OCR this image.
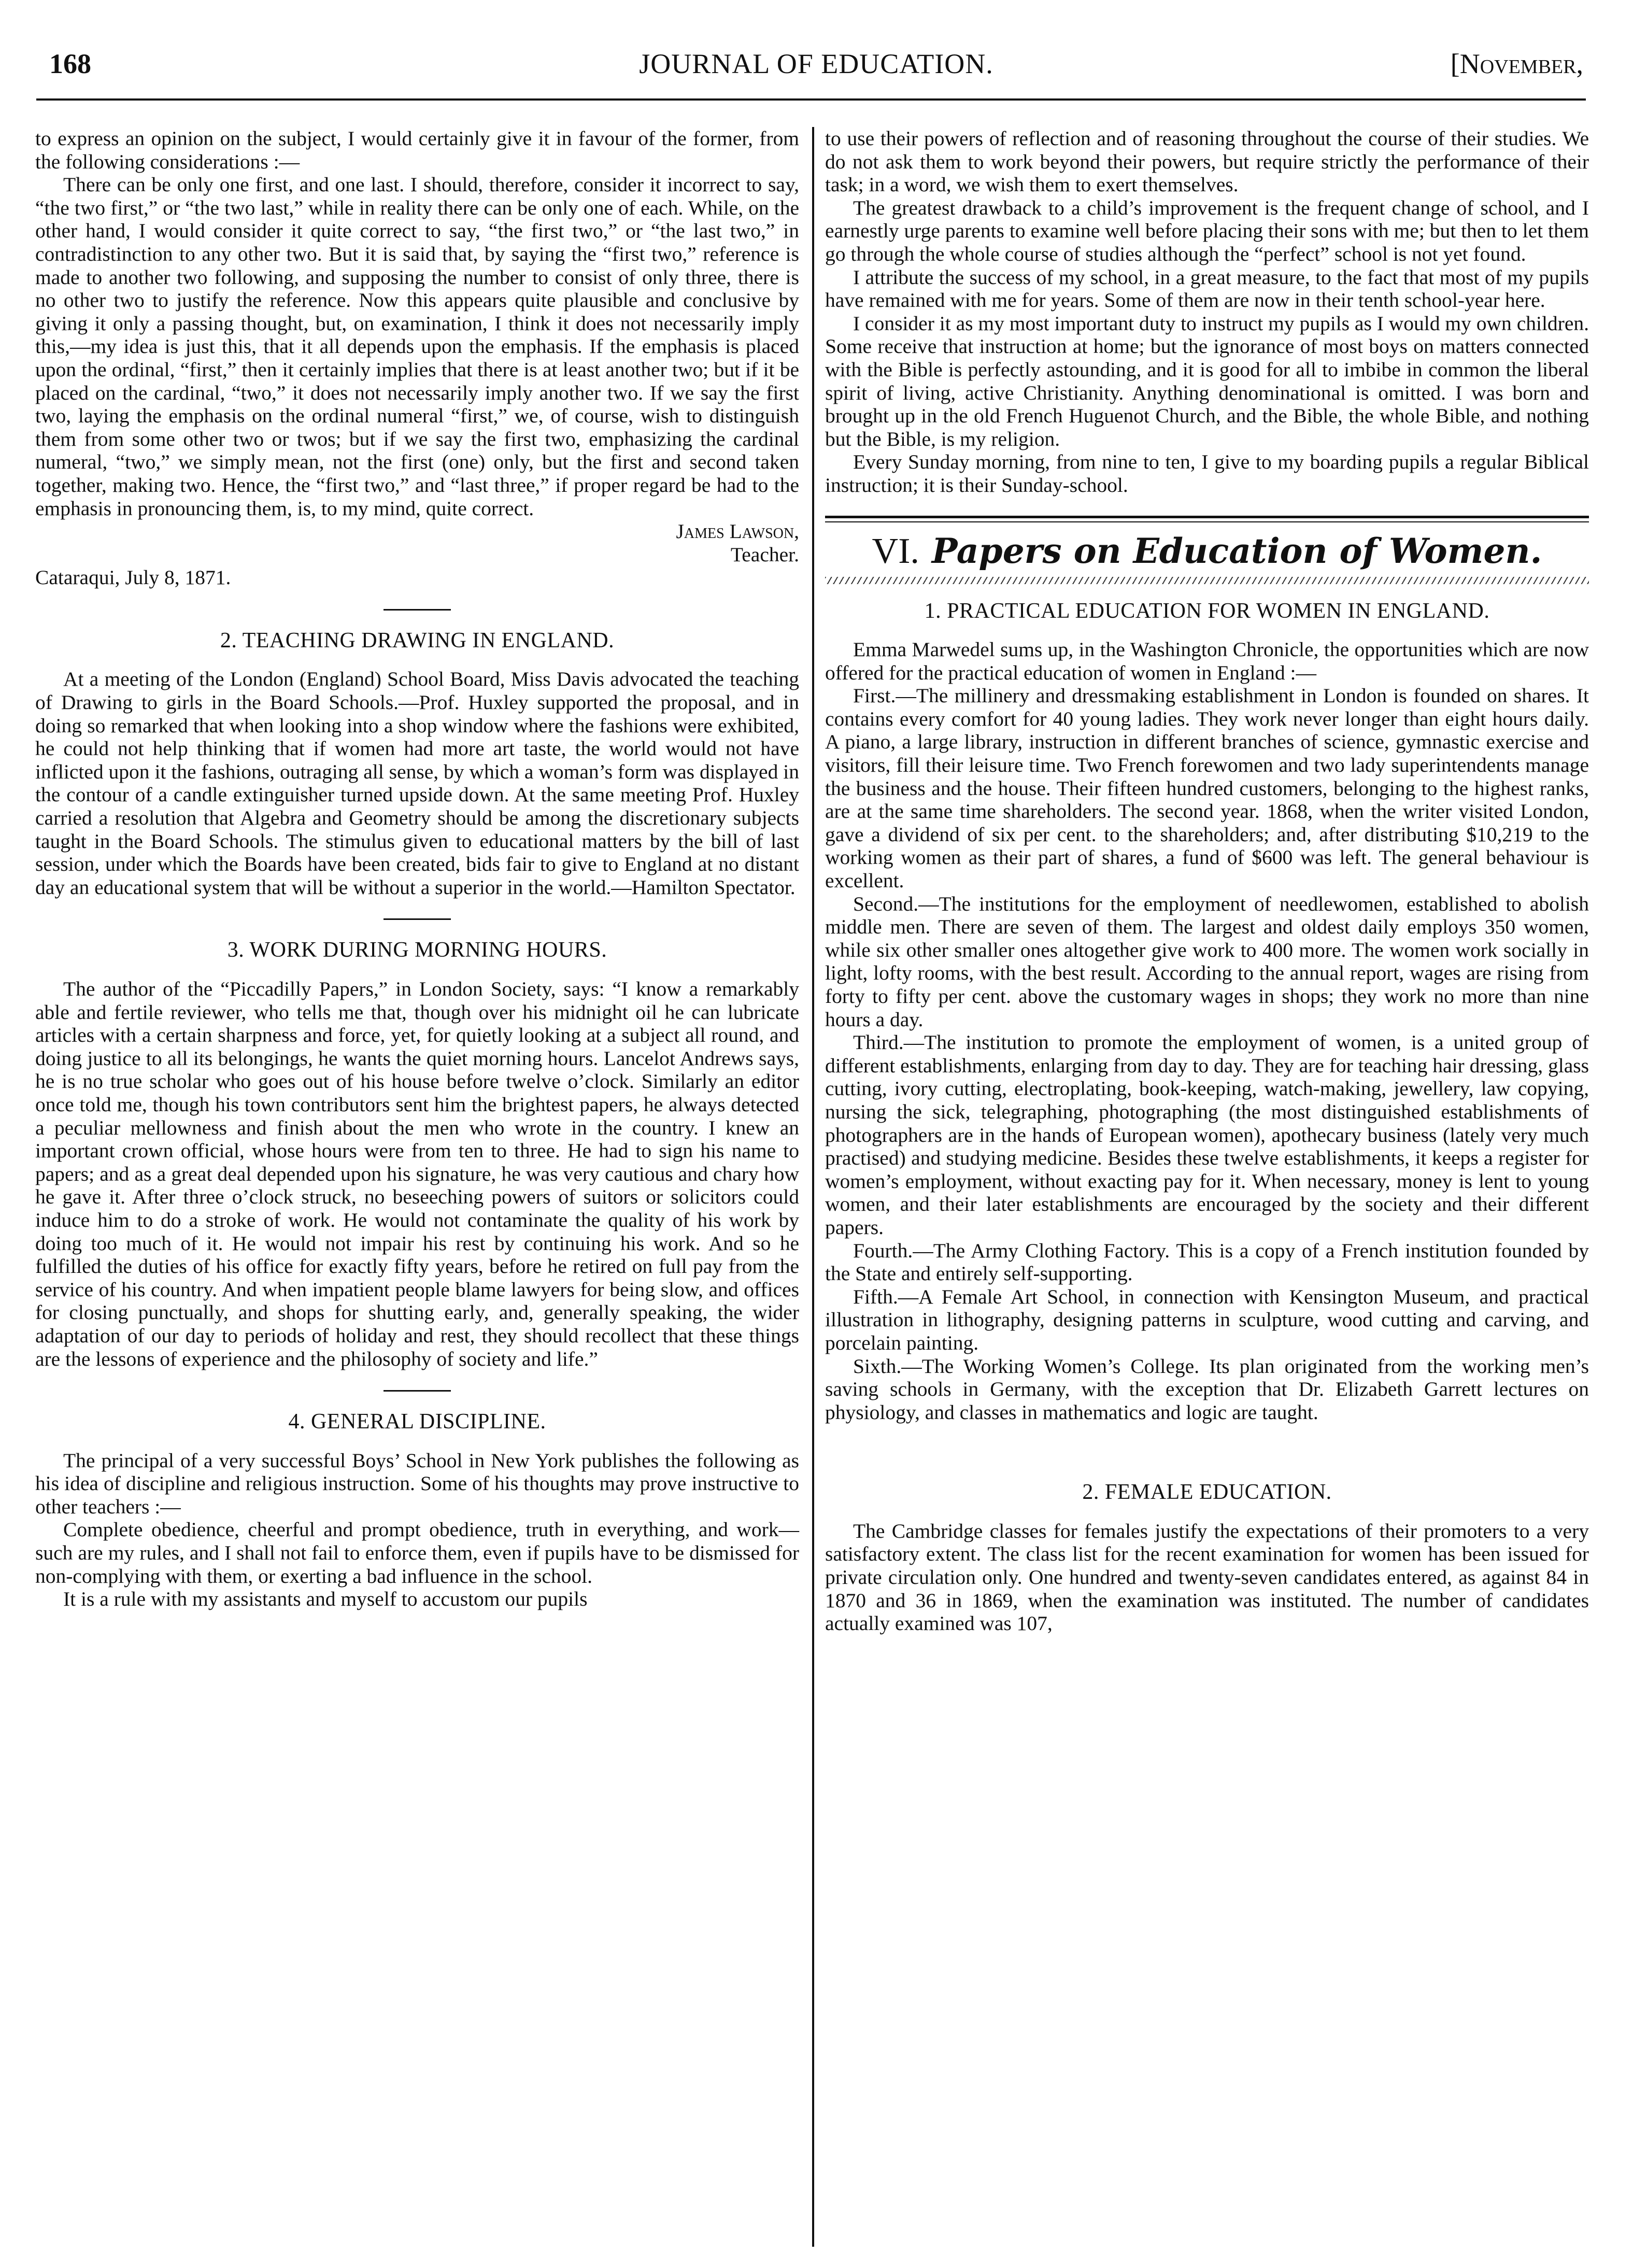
168	JOURNAL OF EDUCATION.	[November,

to express an opinion on the subject, I would certainly give it in favour of the former, from the following considerations :—

There can be only one first, and one last. I should, therefore, consider it incorrect to say, “the two first,” or “the two last,” while in reality there can be only one of each. While, on the other hand, I would consider it quite correct to say, “the first two,” or “the last two,” in contradistinction to any other two. But it is said that, by saying the “first two,” reference is made to another two following, and supposing the number to consist of only three, there is no other two to justify the reference. Now this appears quite plausible and conclusive by giving it only a passing thought, but, on examination, I think it does not necessarily imply this,—my idea is just this, that it all depends upon the emphasis. If the emphasis is placed upon the ordinal, “first,” then it certainly implies that there is at least another two; but if it be placed on the cardinal, “two,” it does not necessarily imply another two. If we say the first two, laying the emphasis on the ordinal numeral “first,” we, of course, wish to distinguish them from some other two or twos; but if we say the first two, emphasizing the cardinal numeral, “two,” we simply mean, not the first (one) only, but the first and second taken together, making two. Hence, the “first two,” and “last three,” if proper regard be had to the emphasis in pronouncing them, is, to my mind, quite correct.

James Lawson,

Teacher.

Cataraqui, July 8, 1871.

2. TEACHING DRAWING IN ENGLAND.

At a meeting of the London (England) School Board, Miss Davis advocated the teaching of Drawing to girls in the Board Schools.—Prof. Huxley supported the proposal, and in doing so remarked that when looking into a shop window where the fashions were exhibited, he could not help thinking that if women had more art taste, the world would not have inflicted upon it the fashions, outraging all sense, by which a woman’s form was displayed in the contour of a candle extinguisher turned upside down. At the same meeting Prof. Huxley carried a resolution that Algebra and Geometry should be among the discretionary subjects taught in the Board Schools. The stimulus given to educational matters by the bill of last session, under which the Boards have been created, bids fair to give to England at no distant day an educational system that will be without a superior in the world.—Hamilton Spectator.

3. WORK DURING MORNING HOURS.

The author of the “Piccadilly Papers,” in London Society, says: “I know a remarkably able and fertile reviewer, who tells me that, though over his midnight oil he can lubricate articles with a certain sharpness and force, yet, for quietly looking at a subject all round, and doing justice to all its belongings, he wants the quiet morning hours. Lancelot Andrews says, he is no true scholar who goes out of his house before twelve o’clock. Similarly an editor once told me, though his town contributors sent him the brightest papers, he always detected a peculiar mellowness and finish about the men who wrote in the country. I knew an important crown official, whose hours were from ten to three. He had to sign his name to papers; and as a great deal depended upon his signature, he was very cautious and chary how he gave it. After three o’clock struck, no beseeching powers of suitors or solicitors could induce him to do a stroke of work. He would not contaminate the quality of his work by doing too much of it. He would not impair his rest by continuing his work. And so he fulfilled the duties of his office for exactly fifty years, before he retired on full pay from the service of his country. And when impatient people blame lawyers for being slow, and offices for closing punctually, and shops for shutting early, and, generally speaking, the wider adaptation of our day to periods of holiday and rest, they should recollect that these things are the lessons of experience and the philosophy of society and life.”

4. GENERAL DISCIPLINE.

The principal of a very successful Boys’ School in New York publishes the following as his idea of discipline and religious instruction. Some of his thoughts may prove instructive to other teachers :—

Complete obedience, cheerful and prompt obedience, truth in everything, and work—such are my rules, and I shall not fail to enforce them, even if pupils have to be dismissed for non-complying with them, or exerting a bad influence in the school.

It is a rule with my assistants and myself to accustom our pupils

to use their powers of reflection and of reasoning throughout the course of their studies. We do not ask them to work beyond their powers, but require strictly the performance of their task; in a word, we wish them to exert themselves.

The greatest drawback to a child’s improvement is the frequent change of school, and I earnestly urge parents to examine well before placing their sons with me; but then to let them go through the whole course of studies although the “perfect” school is not yet found.

I attribute the success of my school, in a great measure, to the fact that most of my pupils have remained with me for years. Some of them are now in their tenth school-year here.

I consider it as my most important duty to instruct my pupils as I would my own children. Some receive that instruction at home; but the ignorance of most boys on matters connected with the Bible is perfectly astounding, and it is good for all to imbibe in common the liberal spirit of living, active Christianity. Anything denominational is omitted. I was born and brought up in the old French Huguenot Church, and the Bible, the whole Bible, and nothing but the Bible, is my religion.

Every Sunday morning, from nine to ten, I give to my boarding pupils a regular Biblical instruction; it is their Sunday-school.

VI. Papers on Education of Women.
1. PRACTICAL EDUCATION FOR WOMEN IN ENGLAND.

Emma Marwedel sums up, in the Washington Chronicle, the opportunities which are now offered for the practical education of women in England :—

First.—The millinery and dressmaking establishment in London is founded on shares. It contains every comfort for 40 young ladies. They work never longer than eight hours daily. A piano, a large library, instruction in different branches of science, gymnastic exercise and visitors, fill their leisure time. Two French forewomen and two lady superintendents manage the business and the house. Their fifteen hundred customers, belonging to the highest ranks, are at the same time shareholders. The second year. 1868, when the writer visited London, gave a dividend of six per cent. to the shareholders; and, after distributing $10,219 to the working women as their part of shares, a fund of $600 was left. The general behaviour is excellent.

Second.—The institutions for the employment of needlewomen, established to abolish middle men. There are seven of them. The largest and oldest daily employs 350 women, while six other smaller ones altogether give work to 400 more. The women work socially in light, lofty rooms, with the best result. According to the annual report, wages are rising from forty to fifty per cent. above the customary wages in shops; they work no more than nine hours a day.

Third.—The institution to promote the employment of women, is a united group of different establishments, enlarging from day to day. They are for teaching hair dressing, glass cutting, ivory cutting, electroplating, book-keeping, watch-making, jewellery, law copying, nursing the sick, telegraphing, photographing (the most distinguished establishments of photographers are in the hands of European women), apothecary business (lately very much practised) and studying medicine. Besides these twelve establishments, it keeps a register for women’s employment, without exacting pay for it. When necessary, money is lent to young women, and their later establishments are encouraged by the society and their different papers.

Fourth.—The Army Clothing Factory. This is a copy of a French institution founded by the State and entirely self-supporting.

Fifth.—A Female Art School, in connection with Kensington Museum, and practical illustration in lithography, designing patterns in sculpture, wood cutting and carving, and porcelain painting.

Sixth.—The Working Women’s College. Its plan originated from the working men’s saving schools in Germany, with the exception that Dr. Elizabeth Garrett lectures on physiology, and classes in mathematics and logic are taught.

2. FEMALE EDUCATION.

The Cambridge classes for females justify the expectations of their promoters to a very satisfactory extent. The class list for the recent examination for women has been issued for private circulation only. One hundred and twenty-seven candidates entered, as against 84 in 1870 and 36 in 1869, when the examination was instituted. The number of candidates actually examined was 107,
